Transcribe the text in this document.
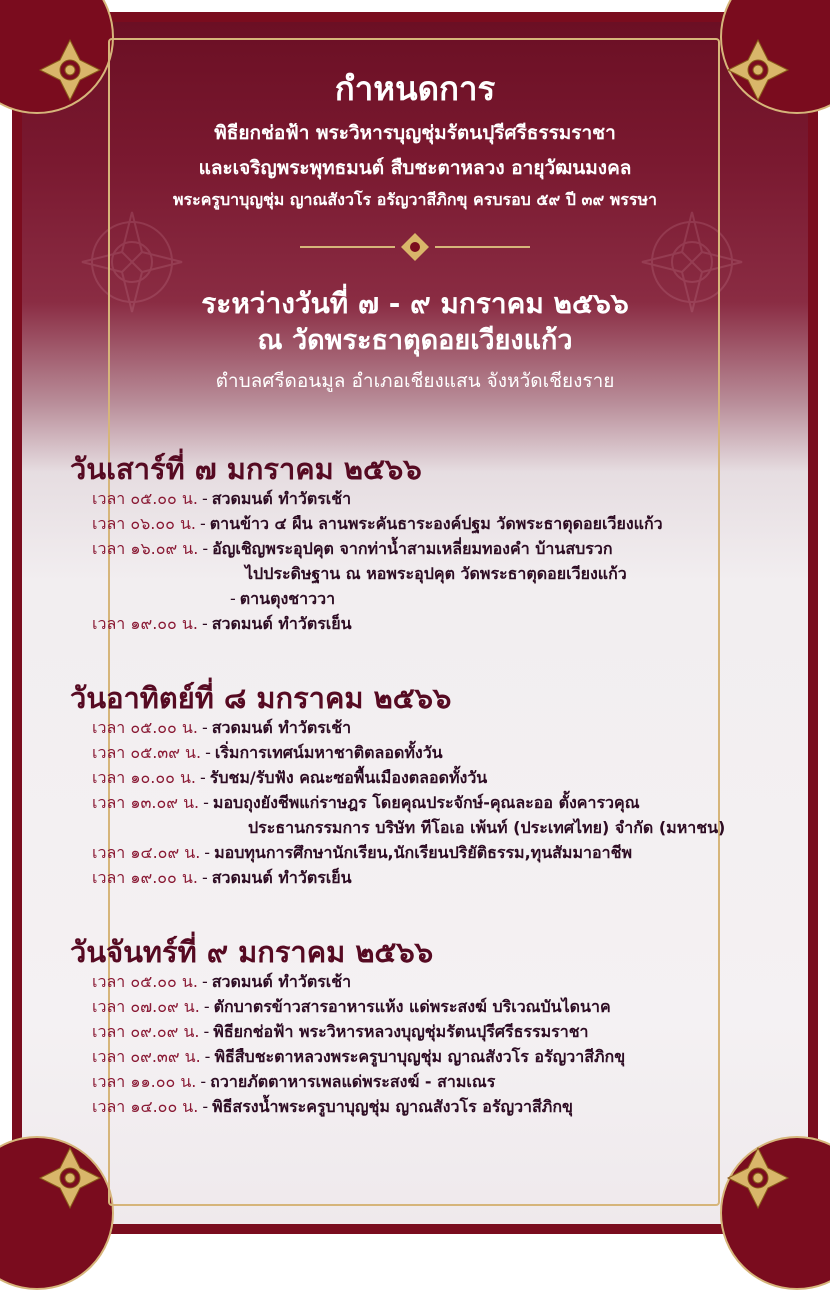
กำหนดการ
พิธียกช่อฟ้า พระวิหารบุญชุ่มรัตนปุรีศรีธรรมราชา
และเจริญพระพุทธมนต์ สืบชะตาหลวง อายุวัฒนมงคล
พระครูบาบุญชุ่ม ญาณสังวโร อรัญวาสีภิกขุ ครบรอบ ๕๙ ปี ๓๙ พรรษา
ระหว่างวันที่ ๗ - ๙ มกราคม ๒๕๖๖
ณ วัดพระธาตุดอยเวียงแก้ว
ตำบลศรีดอนมูล อำเภอเชียงแสน จังหวัดเชียงราย
วันเสาร์ที่ ๗ มกราคม ๒๕๖๖
เวลา ๐๕.๐๐ น. - สวดมนต์ ทำวัตรเช้า
เวลา ๐๖.๐๐ น. - ตานข้าว ๔ ผืน ลานพระคันธาระองค์ปฐม วัดพระธาตุดอยเวียงแก้ว
เวลา ๑๖.๐๙ น. - อัญเชิญพระอุปคุต จากท่าน้ำสามเหลี่ยมทองคำ บ้านสบรวก
ไปประดิษฐาน ณ หอพระอุปคุต วัดพระธาตุดอยเวียงแก้ว
- ตานตุงชาววา
เวลา ๑๙.๐๐ น. - สวดมนต์ ทำวัตรเย็น
วันอาทิตย์ที่ ๘ มกราคม ๒๕๖๖
เวลา ๐๕.๐๐ น. - สวดมนต์ ทำวัตรเช้า
เวลา ๐๕.๓๙ น. - เริ่มการเทศน์มหาชาติตลอดทั้งวัน
เวลา ๑๐.๐๐ น. - รับชม/รับฟัง คณะซอพื้นเมืองตลอดทั้งวัน
เวลา ๑๓.๐๙ น. - มอบถุงยังชีพแก่ราษฎร โดยคุณประจักษ์-คุณละออ ตั้งคารวคุณ
ประธานกรรมการ บริษัท ทีโอเอ เพ้นท์ (ประเทศไทย) จำกัด (มหาชน)
เวลา ๑๔.๐๙ น. - มอบทุนการศึกษานักเรียน,นักเรียนปริยัติธรรม,ทุนสัมมาอาชีพ
เวลา ๑๙.๐๐ น. - สวดมนต์ ทำวัตรเย็น
วันจันทร์ที่ ๙ มกราคม ๒๕๖๖
เวลา ๐๕.๐๐ น. - สวดมนต์ ทำวัตรเช้า
เวลา ๐๗.๐๙ น. - ตักบาตรข้าวสารอาหารแห้ง แด่พระสงฆ์ บริเวณบันไดนาค
เวลา ๐๙.๐๙ น. - พิธียกช่อฟ้า พระวิหารหลวงบุญชุ่มรัตนปุรีศรีธรรมราชา
เวลา ๐๙.๓๙ น. - พิธีสืบชะตาหลวงพระครูบาบุญชุ่ม ญาณสังวโร อรัญวาสีภิกขุ
เวลา ๑๑.๐๐ น. - ถวายภัตตาหารเพลแด่พระสงฆ์ - สามเณร
เวลา ๑๔.๐๐ น. - พิธีสรงน้ำพระครูบาบุญชุ่ม ญาณสังวโร อรัญวาสีภิกขุ
